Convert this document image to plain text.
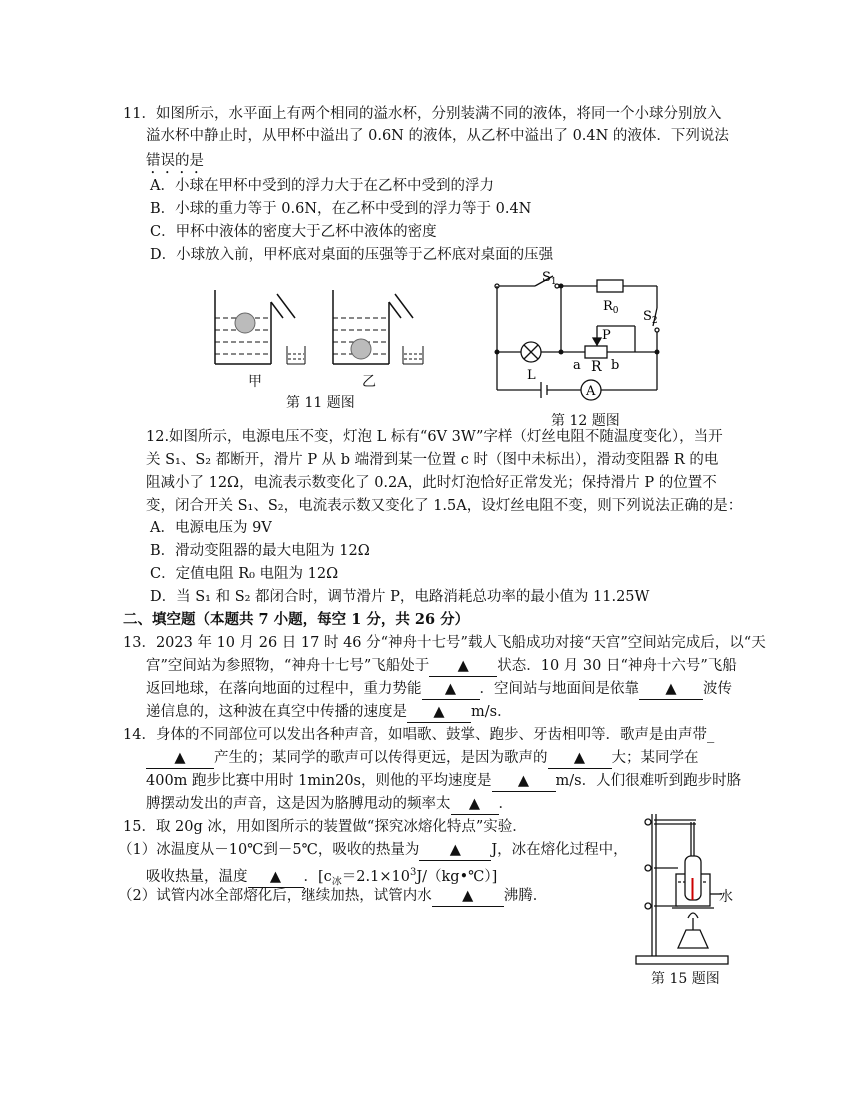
11．如图所示，水平面上有两个相同的溢水杯，分别装满不同的液体，将同一个小球分别放入
溢水杯中静止时，从甲杯中溢出了 0.6N 的液体，从乙杯中溢出了 0.4N 的液体．下列说法
错误的是
A．小球在甲杯中受到的浮力大于在乙杯中受到的浮力
B．小球的重力等于 0.6N，在乙杯中受到的浮力等于 0.4N
C．甲杯中液体的密度大于乙杯中液体的密度
D．小球放入前，甲杯底对桌面的压强等于乙杯底对桌面的压强
甲	乙
第 11 题图
$S_1$
$R_0$ $S_2$
P
a R b
L
A
第 12 题图
12.如图所示，电源电压不变，灯泡 L 标有“6V 3W”字样（灯丝电阻不随温度变化），当开
关 S₁、S₂ 都断开，滑片 P 从 b 端滑到某一位置 c 时（图中未标出），滑动变阻器 R 的电
阻减小了 12Ω，电流表示数变化了 0.2A，此时灯泡恰好正常发光；保持滑片 P 的位置不
变，闭合开关 S₁、S₂，电流表示数又变化了 1.5A，设灯丝电阻不变，则下列说法正确的是：
A．电源电压为 9V
B．滑动变阻器的最大电阻为 12Ω
C．定值电阻 R₀ 电阻为 12Ω
D．当 S₁ 和 S₂ 都闭合时，调节滑片 P，电路消耗总功率的最小值为 11.25W
二、填空题（本题共 7 小题，每空 1 分，共 26 分）
13．2023 年 10 月 26 日 17 时 46 分“神舟十七号”载人飞船成功对接“天宫”空间站完成后，以“天
宫”空间站为参照物，“神舟十七号”飞船处于 ▲ 状态．10 月 30 日“神舟十六号”飞船
返回地球，在落向地面的过程中，重力势能 ▲ ．空间站与地面间是依靠 ▲ 波传
递信息的，这种波在真空中传播的速度是 ▲ m/s．
14．身体的不同部位可以发出各种声音，如唱歌、鼓掌、跑步、牙齿相叩等．歌声是由声带_
▲ 产生的；某同学的歌声可以传得更远，是因为歌声的 ▲ 大；某同学在
400m 跑步比赛中用时 1min20s，则他的平均速度是 ▲ m/s．人们很难听到跑步时胳
膊摆动发出的声音，这是因为胳膊甩动的频率太 ▲ ．
15．取 20g 冰，用如图所示的装置做“探究冰熔化特点”实验．
（1）冰温度从－10℃到－5℃，吸收的热量为 ▲ J，冰在熔化过程中，
吸收热量，温度 ▲ ．$[c_冰=2.1\times 10^3J/(kg•℃)]$
（2）试管内冰全部熔化后，继续加热，试管内水 ▲ 沸腾．	水
第 15 题图
